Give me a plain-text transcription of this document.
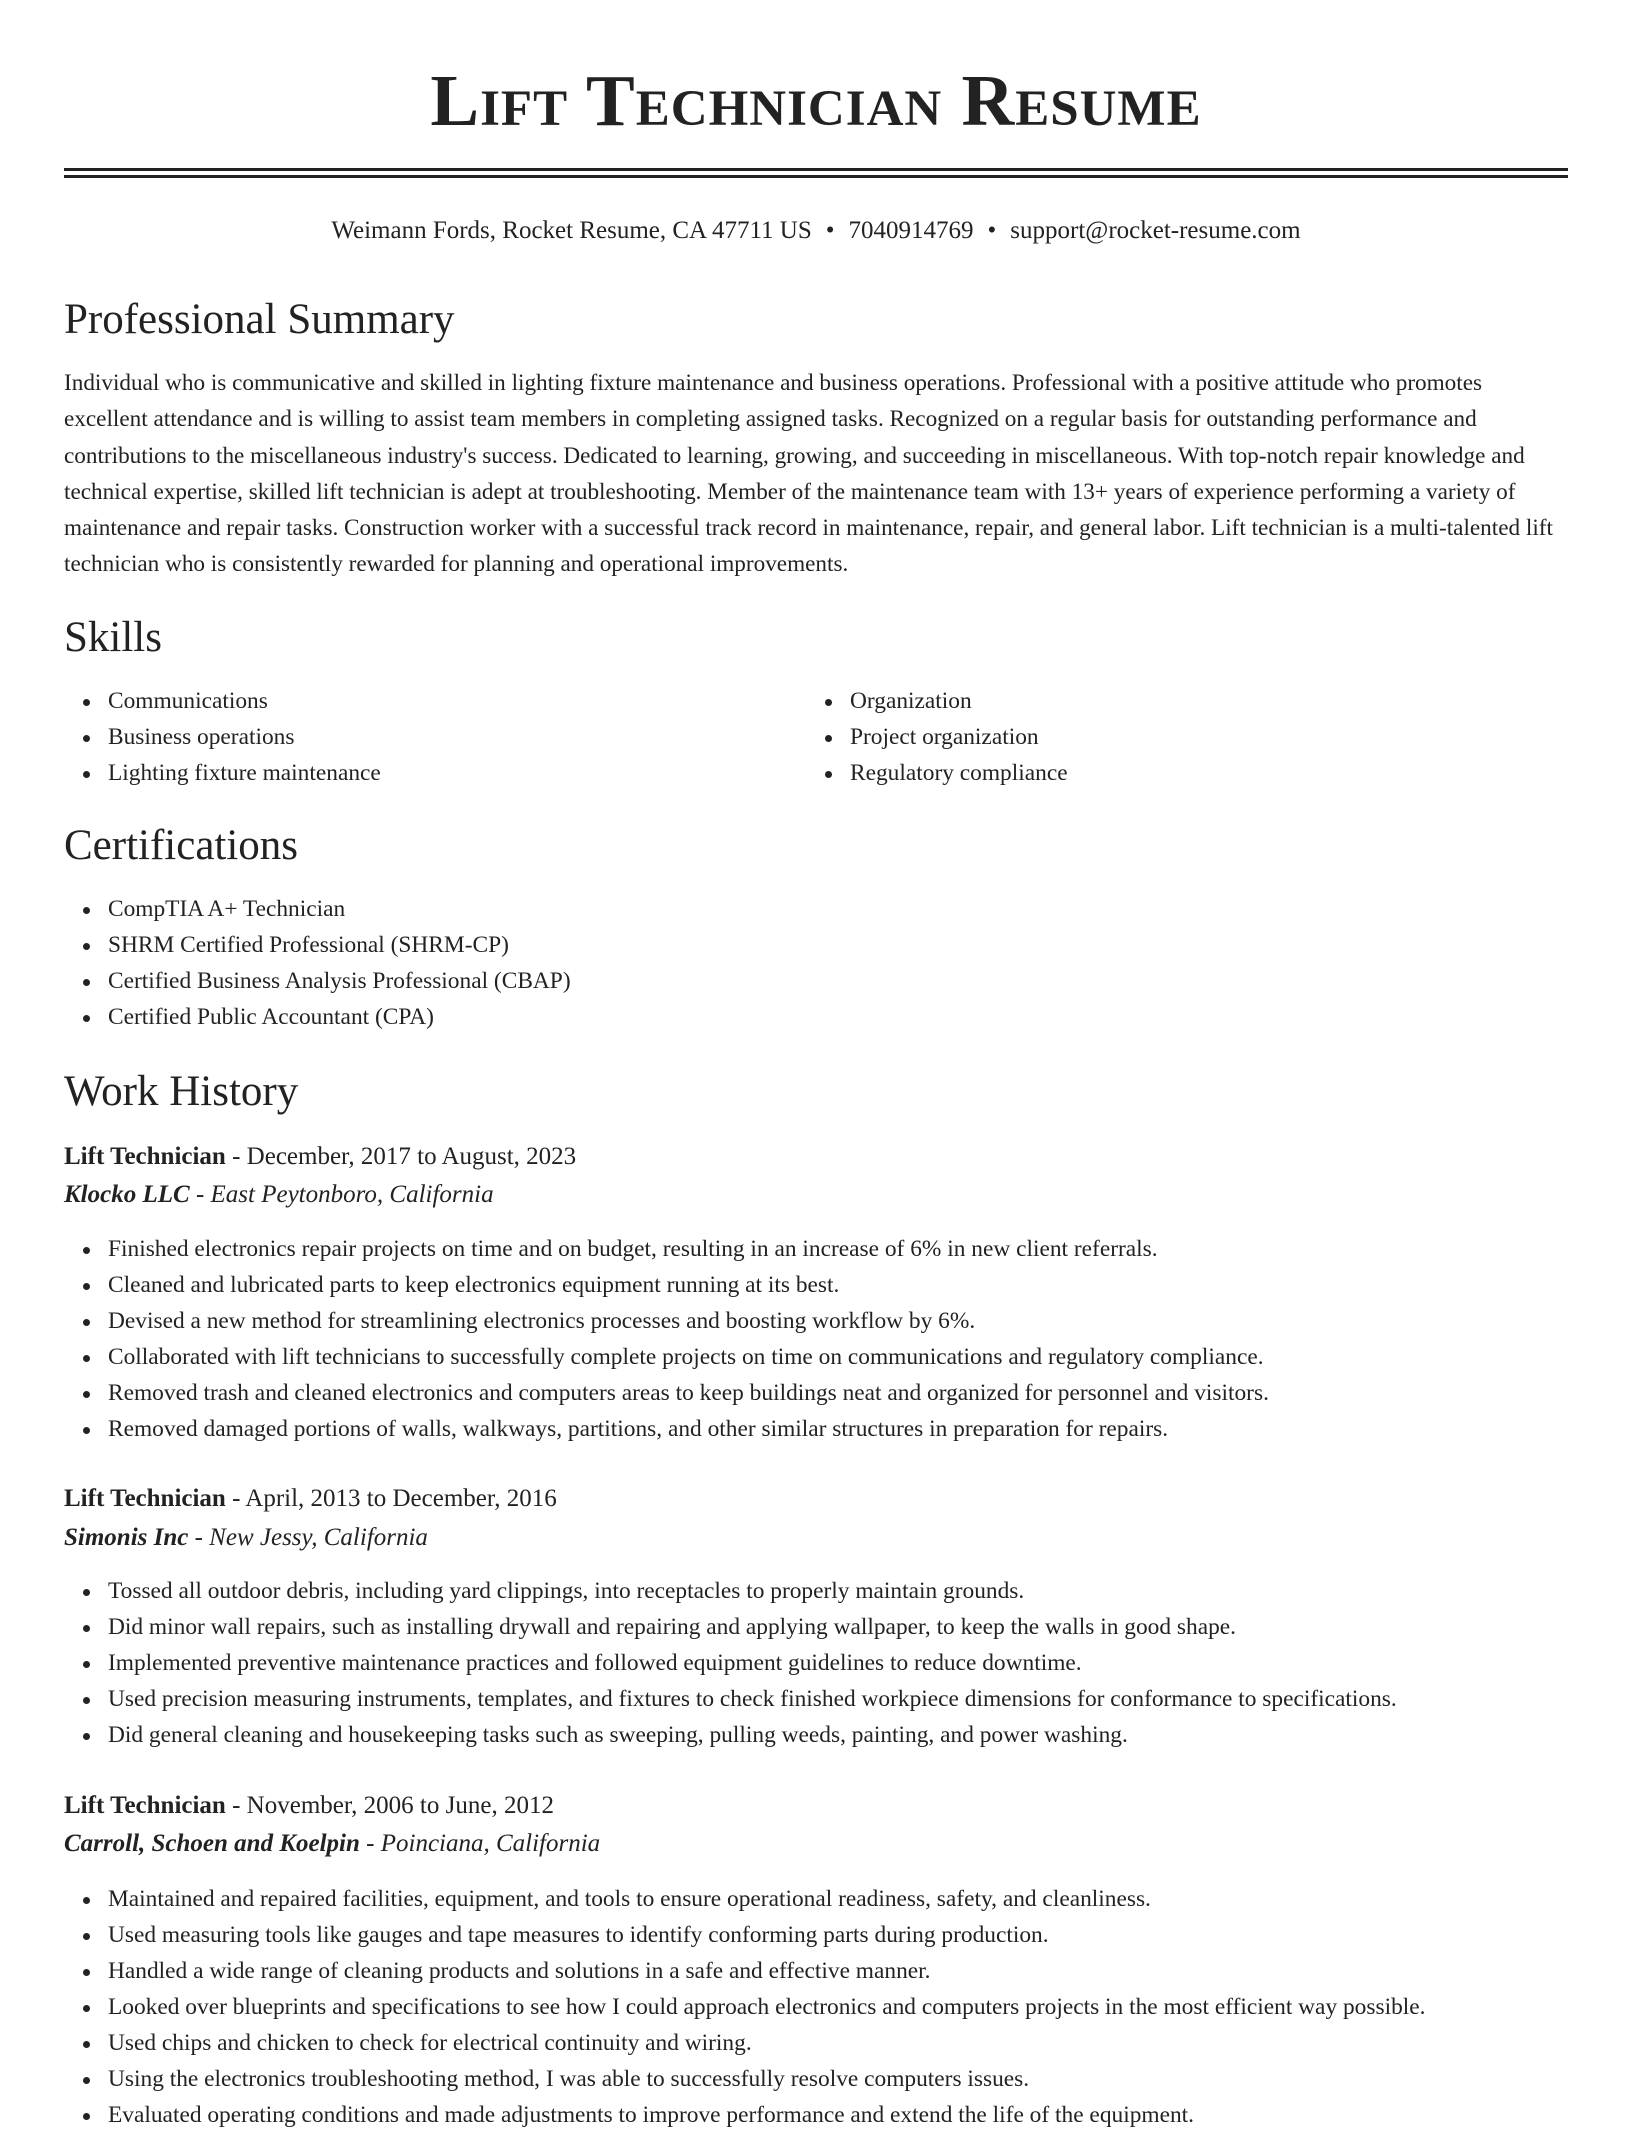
Lift Technician Resume
Weimann Fords, Rocket Resume, CA 47711 US • 7040914769 • support@rocket-resume.com
Professional Summary

Individual who is communicative and skilled in lighting fixture maintenance and business operations. Professional with a positive attitude who promotes excellent attendance and is willing to assist team members in completing assigned tasks. Recognized on a regular basis for outstanding performance and contributions to the miscellaneous industry's success. Dedicated to learning, growing, and succeeding in miscellaneous. With top-notch repair knowledge and technical expertise, skilled lift technician is adept at troubleshooting. Member of the maintenance team with 13+ years of experience performing a variety of maintenance and repair tasks. Construction worker with a successful track record in maintenance, repair, and general labor. Lift technician is a multi-talented lift technician who is consistently rewarded for planning and operational improvements.

Skills
Communications
Business operations
Lighting fixture maintenance
Organization
Project organization
Regulatory compliance
Certifications
CompTIA A+ Technician
SHRM Certified Professional (SHRM-CP)
Certified Business Analysis Professional (CBAP)
Certified Public Accountant (CPA)
Work History
Lift Technician - December, 2017 to August, 2023
Klocko LLC - East Peytonboro, California
Finished electronics repair projects on time and on budget, resulting in an increase of 6% in new client referrals.
Cleaned and lubricated parts to keep electronics equipment running at its best.
Devised a new method for streamlining electronics processes and boosting workflow by 6%.
Collaborated with lift technicians to successfully complete projects on time on communications and regulatory compliance.
Removed trash and cleaned electronics and computers areas to keep buildings neat and organized for personnel and visitors.
Removed damaged portions of walls, walkways, partitions, and other similar structures in preparation for repairs.
Lift Technician - April, 2013 to December, 2016
Simonis Inc - New Jessy, California
Tossed all outdoor debris, including yard clippings, into receptacles to properly maintain grounds.
Did minor wall repairs, such as installing drywall and repairing and applying wallpaper, to keep the walls in good shape.
Implemented preventive maintenance practices and followed equipment guidelines to reduce downtime.
Used precision measuring instruments, templates, and fixtures to check finished workpiece dimensions for conformance to specifications.
Did general cleaning and housekeeping tasks such as sweeping, pulling weeds, painting, and power washing.
Lift Technician - November, 2006 to June, 2012
Carroll, Schoen and Koelpin - Poinciana, California
Maintained and repaired facilities, equipment, and tools to ensure operational readiness, safety, and cleanliness.
Used measuring tools like gauges and tape measures to identify conforming parts during production.
Handled a wide range of cleaning products and solutions in a safe and effective manner.
Looked over blueprints and specifications to see how I could approach electronics and computers projects in the most efficient way possible.
Used chips and chicken to check for electrical continuity and wiring.
Using the electronics troubleshooting method, I was able to successfully resolve computers issues.
Evaluated operating conditions and made adjustments to improve performance and extend the life of the equipment.
